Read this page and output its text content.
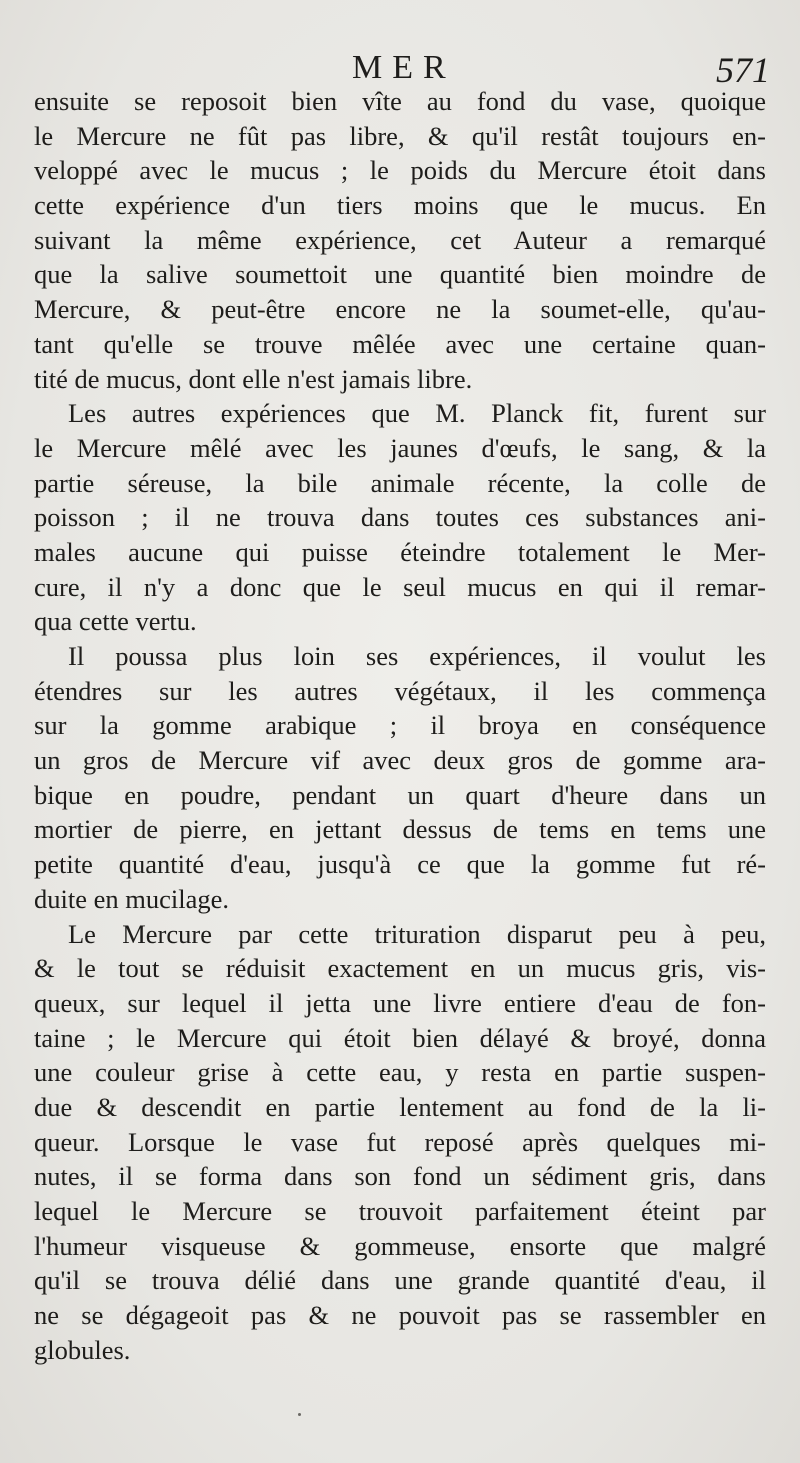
MER	571
ensuite se reposoit bien vîte au fond du vase, quoique
le Mercure ne fût pas libre, & qu'il restât toujours en-
veloppé avec le mucus ; le poids du Mercure étoit dans
cette expérience d'un tiers moins que le mucus. En
suivant la même expérience, cet Auteur a remarqué
que la salive soumettoit une quantité bien moindre de
Mercure, & peut-être encore ne la soumet-elle, qu'au-
tant qu'elle se trouve mêlée avec une certaine quan-
tité de mucus, dont elle n'est jamais libre.
Les autres expériences que M. Planck fit, furent sur
le Mercure mêlé avec les jaunes d'œufs, le sang, & la
partie séreuse, la bile animale récente, la colle de
poisson ; il ne trouva dans toutes ces substances ani-
males aucune qui puisse éteindre totalement le Mer-
cure, il n'y a donc que le seul mucus en qui il remar-
qua cette vertu.
Il poussa plus loin ses expériences, il voulut les
étendres sur les autres végétaux, il les commença
sur la gomme arabique ; il broya en conséquence
un gros de Mercure vif avec deux gros de gomme ara-
bique en poudre, pendant un quart d'heure dans un
mortier de pierre, en jettant dessus de tems en tems une
petite quantité d'eau, jusqu'à ce que la gomme fut ré-
duite en mucilage.
Le Mercure par cette trituration disparut peu à peu,
& le tout se réduisit exactement en un mucus gris, vis-
queux, sur lequel il jetta une livre entiere d'eau de fon-
taine ; le Mercure qui étoit bien délayé & broyé, donna
une couleur grise à cette eau, y resta en partie suspen-
due & descendit en partie lentement au fond de la li-
queur. Lorsque le vase fut reposé après quelques mi-
nutes, il se forma dans son fond un sédiment gris, dans
lequel le Mercure se trouvoit parfaitement éteint par
l'humeur visqueuse & gommeuse, ensorte que malgré
qu'il se trouva délié dans une grande quantité d'eau, il
ne se dégageoit pas & ne pouvoit pas se rassembler en
globules.
